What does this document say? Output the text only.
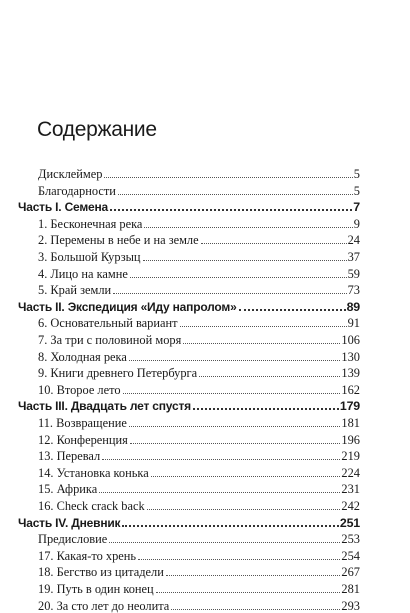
Содержание
Дисклеймер	5
Благодарности	5
Часть I. Семена	7
1. Бесконечная река	9
2. Перемены в небе и на земле	24
3. Большой Курзыц	37
4. Лицо на камне	59
5. Край земли	73
Часть II. Экспедиция «Иду напролом»	89
6. Основательный вариант	91
7. За три с половиной моря	106
8. Холодная река	130
9. Книги древнего Петербурга	139
10. Второе лето	162
Часть III. Двадцать лет спустя	179
11. Возвращение	181
12. Конференция	196
13. Перевал	219
14. Установка конька	224
15. Африка	231
16. Check crack back	242
Часть IV. Дневник	251
Предисловие	253
17. Какая-то хрень	254
18. Бегство из цитадели	267
19. Путь в один конец	281
20. За сто лет до неолита	293
